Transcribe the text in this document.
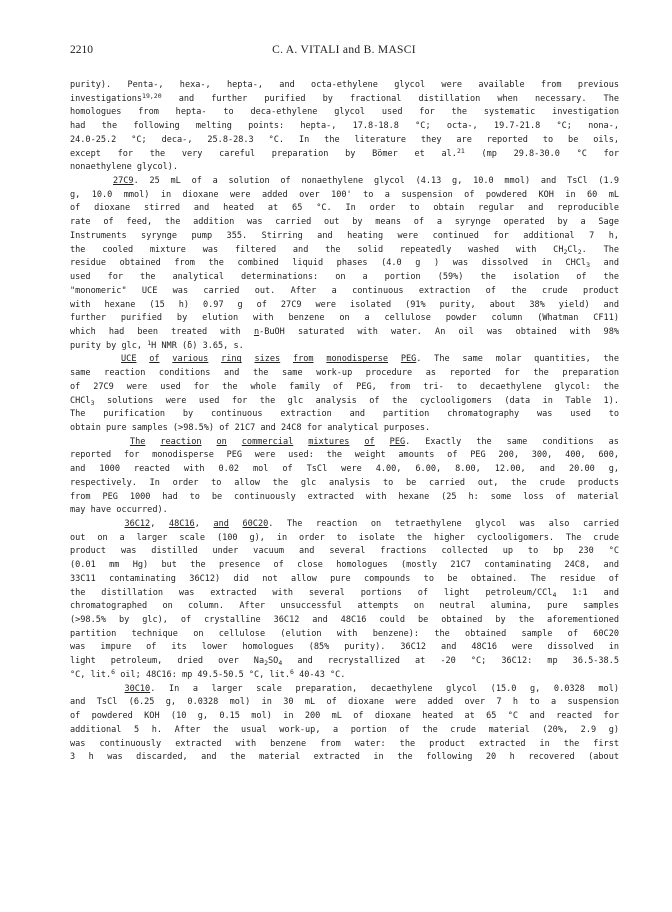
2210	C. A. VITALI and B. MASCI
purity). Penta-, hexa-, hepta-, and octa-ethylene glycol were available from previous
investigations$^{19,20}$ and further purified by fractional distillation when necessary. The
homologues from hepta- to deca-ethylene glycol used for the systematic investigation
had the following melting points: hepta-, 17.8-18.8 °C; octa-, 19.7-21.8 °C; nona-,
24.0-25.2 °C; deca-, 25.8-28.3 °C. In the literature they are reported to be oils,
except for the very careful preparation by Bömer et al.$^{21}$ (mp 29.8-30.0 °C for
nonaethylene glycol).
27C9. 25 mL of a solution of nonaethylene glycol (4.13 g, 10.0 mmol) and TsCl (1.9
g, 10.0 mmol) in dioxane were added over 100' to a suspension of powdered KOH in 60 mL
of dioxane stirred and heated at 65 °C. In order to obtain regular and reproducible
rate of feed, the addition was carried out by means of a syrynge operated by a Sage
Instruments syrynge pump 355. Stirring and heating were continued for additional 7 h,
the cooled mixture was filtered and the solid repeatedly washed with $CH_2Cl_2$. The
residue obtained from the combined liquid phases (4.0 g ) was dissolved in CHCl$_3$ and
used for the analytical determinations: on a portion (59%) the isolation of the
"monomeric" UCE was carried out. After a continuous extraction of the crude product
with hexane (15 h) 0.97 g of 27C9 were isolated (91% purity, about 38% yield) and
further purified by elution with benzene on a cellulose powder column (Whatman CF11)
which had been treated with n-BuOH saturated with water. An oil was obtained with 98%
purity by glc, $^1$H NMR (δ) 3.65, s.
UCE of various ring sizes from monodisperse PEG. The same molar quantities, the
same reaction conditions and the same work-up procedure as reported for the preparation
of 27C9 were used for the whole family of PEG, from tri- to decaethylene glycol: the
CHCl$_3$ solutions were used for the glc analysis of the cyclooligomers (data in Table 1).
The purification by continuous extraction and partition chromatography was used to
obtain pure samples (>98.5%) of 21C7 and 24C8 for analytical purposes.
The reaction on commercial mixtures of PEG. Exactly the same conditions as
reported for monodisperse PEG were used: the weight amounts of PEG 200, 300, 400, 600,
and 1000 reacted with 0.02 mol of TsCl were 4.00, 6.00, 8.00, 12.00, and 20.00 g,
respectively. In order to allow the glc analysis to be carried out, the crude products
from PEG 1000 had to be continuously extracted with hexane (25 h: some loss of material
may have occurred).
36C12, 48C16, and 60C20. The reaction on tetraethylene glycol was also carried
out on a larger scale (100 g), in order to isolate the higher cyclooligomers. The crude
product was distilled under vacuum and several fractions collected up to bp 230 °C
(0.01 mm Hg) but the presence of close homologues (mostly 21C7 contaminating 24C8, and
33C11 contaminating 36C12) did not allow pure compounds to be obtained. The residue of
the distillation was extracted with several portions of light petroleum/CCl$_4$ 1:1 and
chromatographed on column. After unsuccessful attempts on neutral alumina, pure samples
(>98.5% by glc), of crystalline 36C12 and 48C16 could be obtained by the aforementioned
partition technique on cellulose (elution with benzene): the obtained sample of 60C20
was impure of its lower homologues (85% purity). 36C12 and 48C16 were dissolved in
light petroleum, dried over $Na_2SO_4$ and recrystallized at -20 °C; 36C12: mp 36.5-38.5
°C, lit.$^6$ oil; 48C16: mp 49.5-50.5 °C, lit.$^6$ 40-43 °C.
30C10. In a larger scale preparation, decaethylene glycol (15.0 g, 0.0328 mol)
and TsCl (6.25 g, 0.0328 mol) in 30 mL of dioxane were added over 7 h to a suspension
of powdered KOH (10 g, 0.15 mol) in 200 mL of dioxane heated at 65 °C and reacted for
additional 5 h. After the usual work-up, a portion of the crude material (20%, 2.9 g)
was continuously extracted with benzene from water: the product extracted in the first
3 h was discarded, and the material extracted in the following 20 h recovered (about
